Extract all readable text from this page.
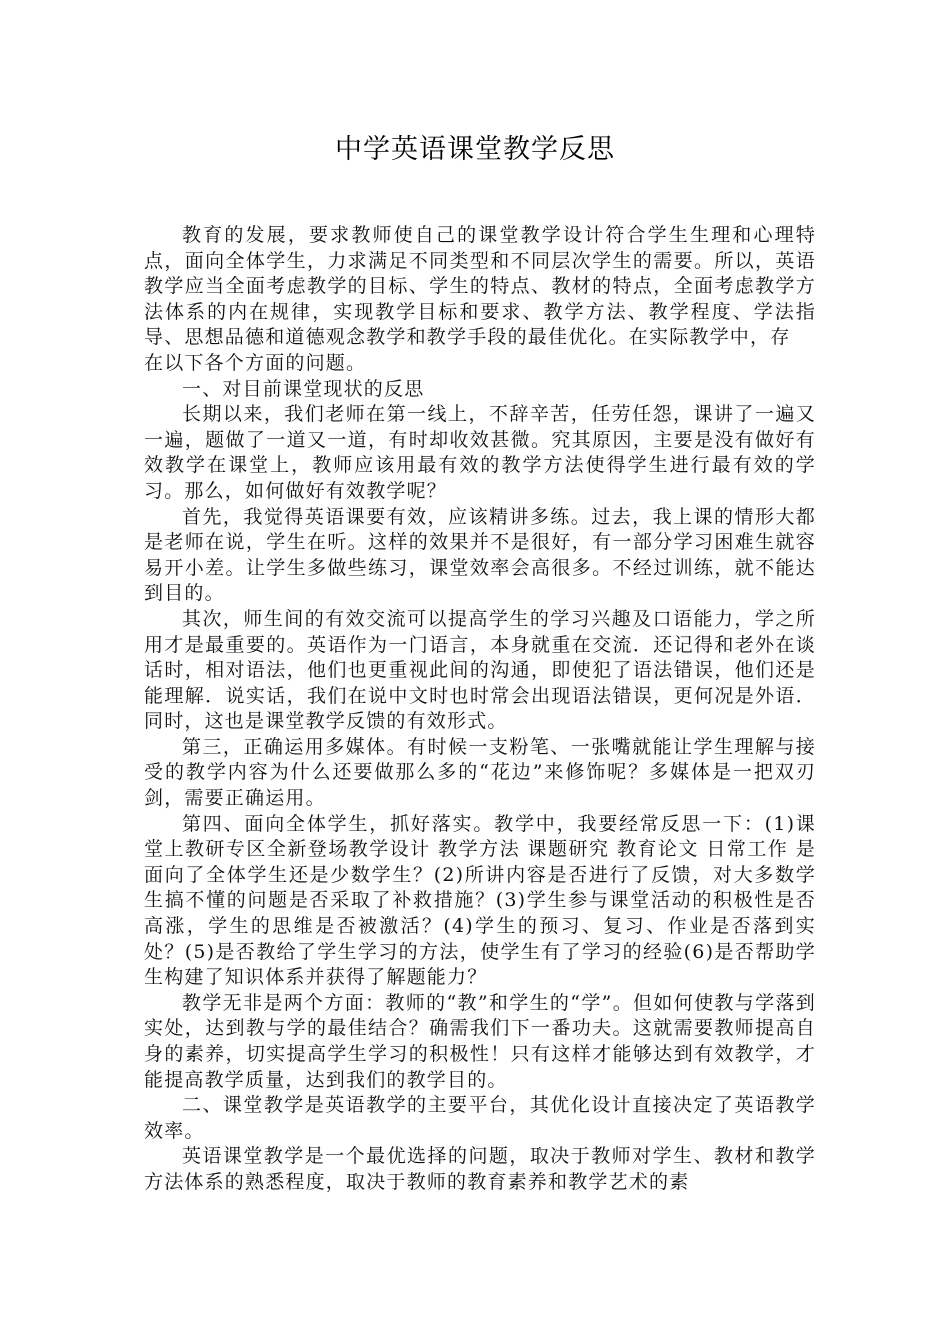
中学英语课堂教学反思

教育的发展，要求教师使自己的课堂教学设计符合学生生理和心理特点，面向全体学生，力求满足不同类型和不同层次学生的需要。所以，英语教学应当全面考虑教学的目标、学生的特点、教材的特点，全面考虑教学方法体系的内在规律，实现教学目标和要求、教学方法、教学程度、学法指导、思想品德和道德观念教学和教学手段的最佳优化。在实际教学中，存

在以下各个方面的问题。

一、对目前课堂现状的反思

长期以来，我们老师在第一线上，不辞辛苦，任劳任怨，课讲了一遍又一遍，题做了一道又一道，有时却收效甚微。究其原因，主要是没有做好有效教学在课堂上，教师应该用最有效的教学方法使得学生进行最有效的学习。那么，如何做好有效教学呢？

首先，我觉得英语课要有效，应该精讲多练。过去，我上课的情形大都是老师在说，学生在听。这样的效果并不是很好，有一部分学习困难生就容易开小差。让学生多做些练习，课堂效率会高很多。不经过训练，就不能达到目的。

其次，师生间的有效交流可以提高学生的学习兴趣及口语能力，学之所用才是最重要的。英语作为一门语言，本身就重在交流．还记得和老外在谈话时，相对语法，他们也更重视此间的沟通，即使犯了语法错误，他们还是能理解．说实话，我们在说中文时也时常会出现语法错误，更何况是外语．同时，这也是课堂教学反馈的有效形式。

第三，正确运用多媒体。有时候一支粉笔、一张嘴就能让学生理解与接受的教学内容为什么还要做那么多的“花边”来修饰呢？多媒体是一把双刃剑，需要正确运用。

第四、面向全体学生，抓好落实。教学中，我要经常反思一下：(1)课堂上教研专区全新登场教学设计 教学方法 课题研究 教育论文 日常工作 是面向了全体学生还是少数学生？(2)所讲内容是否进行了反馈，对大多数学生搞不懂的问题是否采取了补救措施？(3)学生参与课堂活动的积极性是否高涨，学生的思维是否被激活？(4)学生的预习、复习、作业是否落到实处？(5)是否教给了学生学习的方法，使学生有了学习的经验(6)是否帮助学生构建了知识体系并获得了解题能力？

教学无非是两个方面：教师的“教”和学生的“学”。但如何使教与学落到实处，达到教与学的最佳结合？确需我们下一番功夫。这就需要教师提高自身的素养，切实提高学生学习的积极性！只有这样才能够达到有效教学，才能提高教学质量，达到我们的教学目的。

二、课堂教学是英语教学的主要平台，其优化设计直接决定了英语教学效率。

英语课堂教学是一个最优选择的问题，取决于教师对学生、教材和教学方法体系的熟悉程度，取决于教师的教育素养和教学艺术的素
